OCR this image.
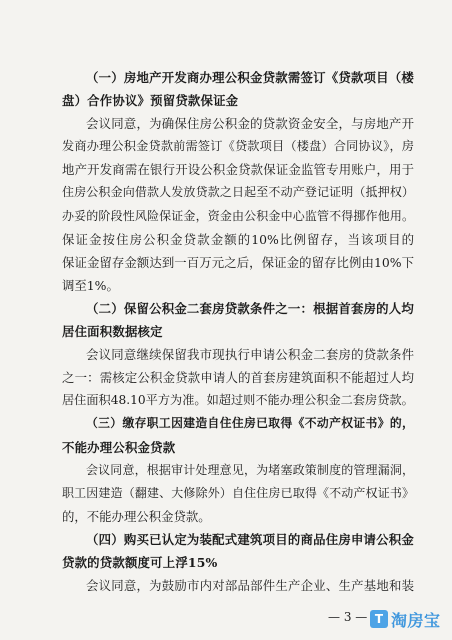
（一）房地产开发商办理公积金贷款需签订《贷款项目（楼
盘）合作协议》预留贷款保证金
会议同意，为确保住房公积金的贷款资金安全，与房地产开
发商办理公积金贷款前需签订《贷款项目（楼盘）合同协议》，房
地产开发商需在银行开设公积金贷款保证金监管专用账户，用于
住房公积金向借款人发放贷款之日起至不动产登记证明（抵押权）
办妥的阶段性风险保证金，资金由公积金中心监管不得挪作他用。
保证金按住房公积金贷款金额的10%比例留存，当该项目的
保证金留存金额达到一百万元之后，保证金的留存比例由10%下
调至1%。
（二）保留公积金二套房贷款条件之一：根据首套房的人均
居住面积数据核定
会议同意继续保留我市现执行申请公积金二套房的贷款条件
之一：需核定公积金贷款申请人的首套房建筑面积不能超过人均
居住面积48.10平方为准。如超过则不能办理公积金二套房贷款。
（三）缴存职工因建造自住住房已取得《不动产权证书》的，
不能办理公积金贷款
会议同意，根据审计处理意见，为堵塞政策制度的管理漏洞，
职工因建造（翻建、大修除外）自住住房已取得《不动产权证书》
的，不能办理公积金贷款。
（四）购买已认定为装配式建筑项目的商品住房申请公积金
贷款的贷款额度可上浮15%
会议同意，为鼓励市内对部品部件生产企业、生产基地和装
— 3 — T 淘房宝
